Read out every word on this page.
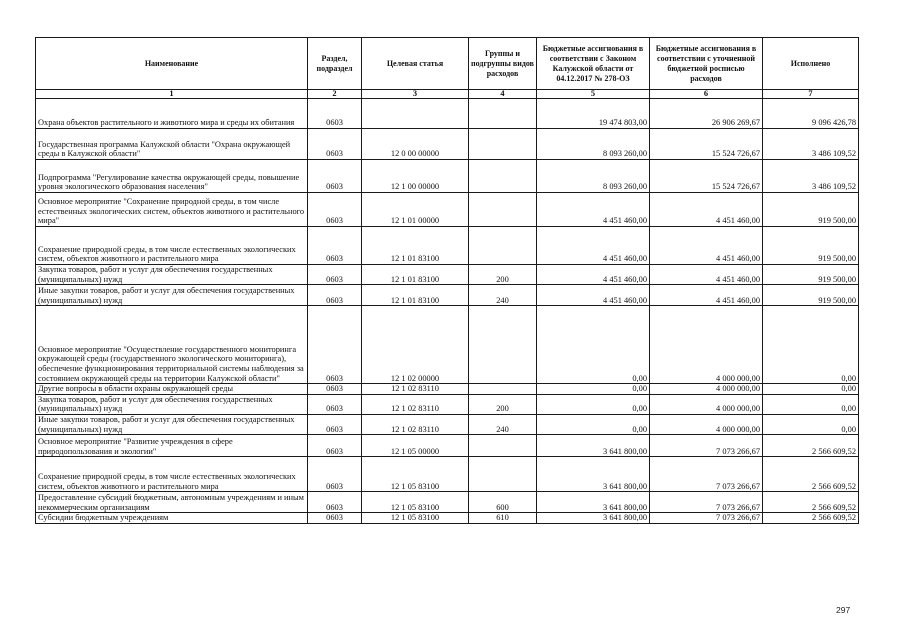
Наименование	Раздел, подраздел	Целевая статья	Группы и подгруппы видов расходов	Бюджетные ассигнования в соответствии с Законом Калужской области от 04.12.2017 № 278-ОЗ	Бюджетные ассигнования в соответствии с уточненной бюджетной росписью расходов	Исполнено
1	2	3	4	5	6	7
Охрана объектов растительного и животного мира и среды их обитания	0603			19 474 803,00	26 906 269,67	9 096 426,78
Государственная программа Калужской области "Охрана окружающей среды в Калужской области"	0603	12 0 00 00000		8 093 260,00	15 524 726,67	3 486 109,52
Подпрограмма "Регулирование качества окружающей среды, повышение уровня экологического образования населения"	0603	12 1 00 00000		8 093 260,00	15 524 726,67	3 486 109,52
Основное мероприятие "Сохранение природной среды, в том числе естественных экологических систем, объектов животного и растительного мира"	0603	12 1 01 00000		4 451 460,00	4 451 460,00	919 500,00
Сохранение природной среды, в том числе естественных экологических систем, объектов животного и растительного мира	0603	12 1 01 83100		4 451 460,00	4 451 460,00	919 500,00
Закупка товаров, работ и услуг для обеспечения государственных (муниципальных) нужд	0603	12 1 01 83100	200	4 451 460,00	4 451 460,00	919 500,00
Иные закупки товаров, работ и услуг для обеспечения государственных (муниципальных) нужд	0603	12 1 01 83100	240	4 451 460,00	4 451 460,00	919 500,00
Основное мероприятие "Осуществление государственного мониторинга окружающей среды (государственного экологического мониторинга), обеспечение функционирования территориальной системы наблюдения за состоянием окружающей среды на территории Калужской области"	0603	12 1 02 00000		0,00	4 000 000,00	0,00
Другие вопросы в области охраны окружающей среды	0603	12 1 02 83110		0,00	4 000 000,00	0,00
Закупка товаров, работ и услуг для обеспечения государственных (муниципальных) нужд	0603	12 1 02 83110	200	0,00	4 000 000,00	0,00
Иные закупки товаров, работ и услуг для обеспечения государственных (муниципальных) нужд	0603	12 1 02 83110	240	0,00	4 000 000,00	0,00
Основное мероприятие "Развитие учреждения в сфере природопользования и экологии"	0603	12 1 05 00000		3 641 800,00	7 073 266,67	2 566 609,52
Сохранение природной среды, в том числе естественных экологических систем, объектов животного и растительного мира	0603	12 1 05 83100		3 641 800,00	7 073 266,67	2 566 609,52
Предоставление субсидий бюджетным, автономным учреждениям и иным некоммерческим организациям	0603	12 1 05 83100	600	3 641 800,00	7 073 266,67	2 566 609,52
Субсидии бюджетным учреждениям	0603	12 1 05 83100	610	3 641 800,00	7 073 266,67	2 566 609,52
297
